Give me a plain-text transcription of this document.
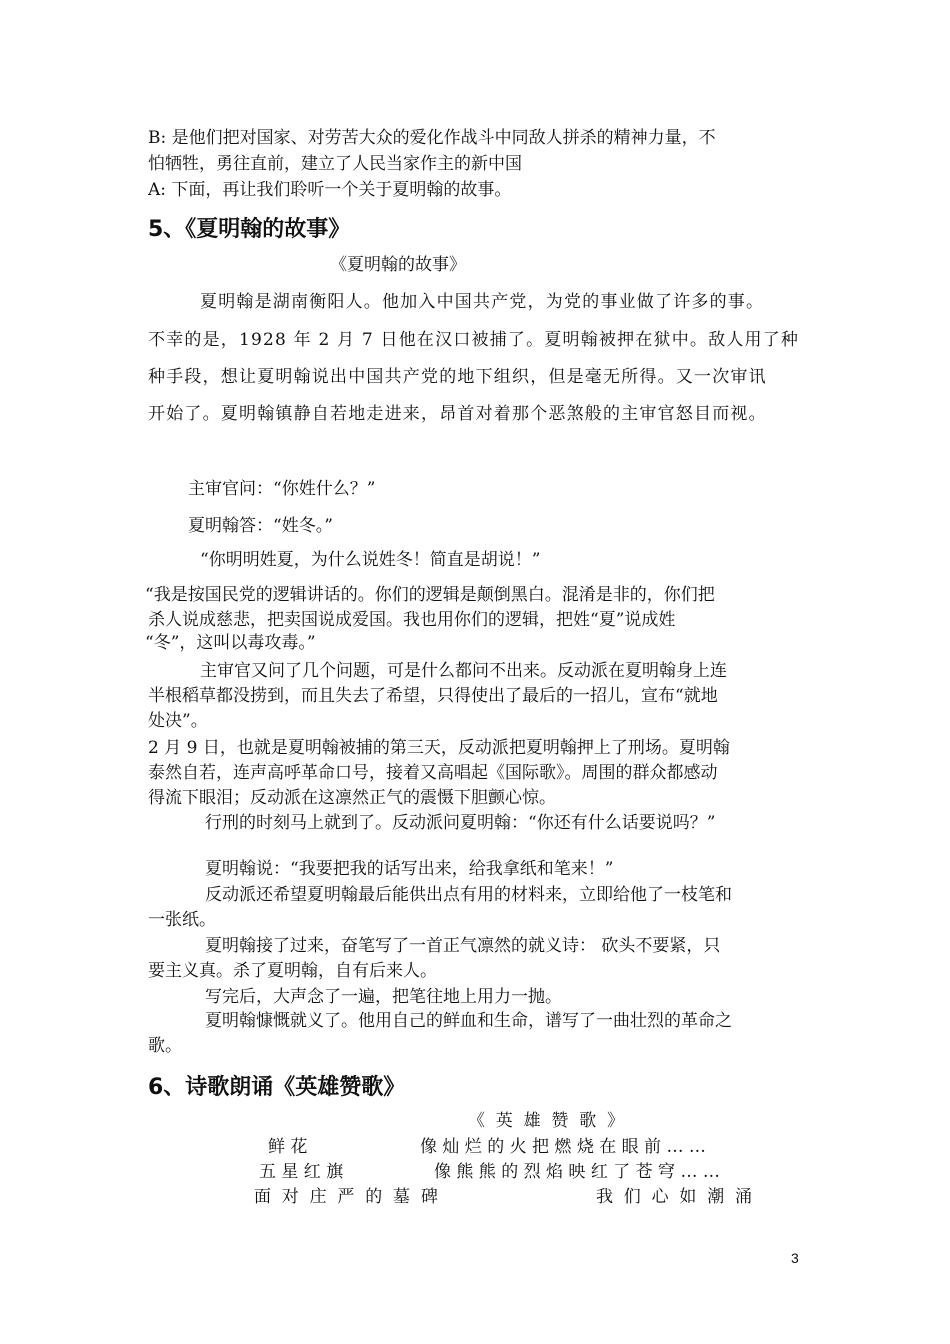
B: 是他们把对国家、对劳苦大众的爱化作战斗中同敌人拼杀的精神力量，不
怕牺牲，勇往直前，建立了人民当家作主的新中国
A: 下面，再让我们聆听一个关于夏明翰的故事。
5、《夏明翰的故事》
《夏明翰的故事》
夏明翰是湖南衡阳人。他加入中国共产党，为党的事业做了许多的事。
不幸的是，1928 年 2 月 7 日他在汉口被捕了。夏明翰被押在狱中。敌人用了种
种手段，想让夏明翰说出中国共产党的地下组织，但是毫无所得。又一次审讯
开始了。夏明翰镇静自若地走进来，昂首对着那个恶煞般的主审官怒目而视。
主审官问：“你姓什么？”
夏明翰答：“姓冬。”
“你明明姓夏，为什么说姓冬！简直是胡说！”
“我是按国民党的逻辑讲话的。你们的逻辑是颠倒黑白。混淆是非的，你们把
杀人说成慈悲，把卖国说成爱国。我也用你们的逻辑，把姓“夏”说成姓
“冬”，这叫以毒攻毒。”
主审官又问了几个问题，可是什么都问不出来。反动派在夏明翰身上连
半根稻草都没捞到，而且失去了希望，只得使出了最后的一招儿，宣布“就地
处决”。
2 月 9 日，也就是夏明翰被捕的第三天，反动派把夏明翰押上了刑场。夏明翰
泰然自若，连声高呼革命口号，接着又高唱起《国际歌》。周围的群众都感动
得流下眼泪；反动派在这凛然正气的震慑下胆颤心惊。
行刑的时刻马上就到了。反动派问夏明翰：“你还有什么话要说吗？”
夏明翰说：“我要把我的话写出来，给我拿纸和笔来！”
反动派还希望夏明翰最后能供出点有用的材料来，立即给他了一枝笔和
一张纸。
夏明翰接了过来，奋笔写了一首正气凛然的就义诗： 砍头不要紧，只
要主义真。杀了夏明翰，自有后来人。
写完后，大声念了一遍，把笔往地上用力一抛。
夏明翰慷慨就义了。他用自己的鲜血和生命，谱写了一曲壮烈的革命之
歌。
6、诗歌朗诵《英雄赞歌》
《  英  雄  赞  歌  》
鲜 花	像 灿 烂 的 火 把 燃 烧 在 眼 前 … …
五 星 红 旗	像 熊 熊 的 烈 焰 映 红 了 苍 穹 … …
面  对  庄  严  的  墓  碑	我  们  心  如  潮  涌
3
